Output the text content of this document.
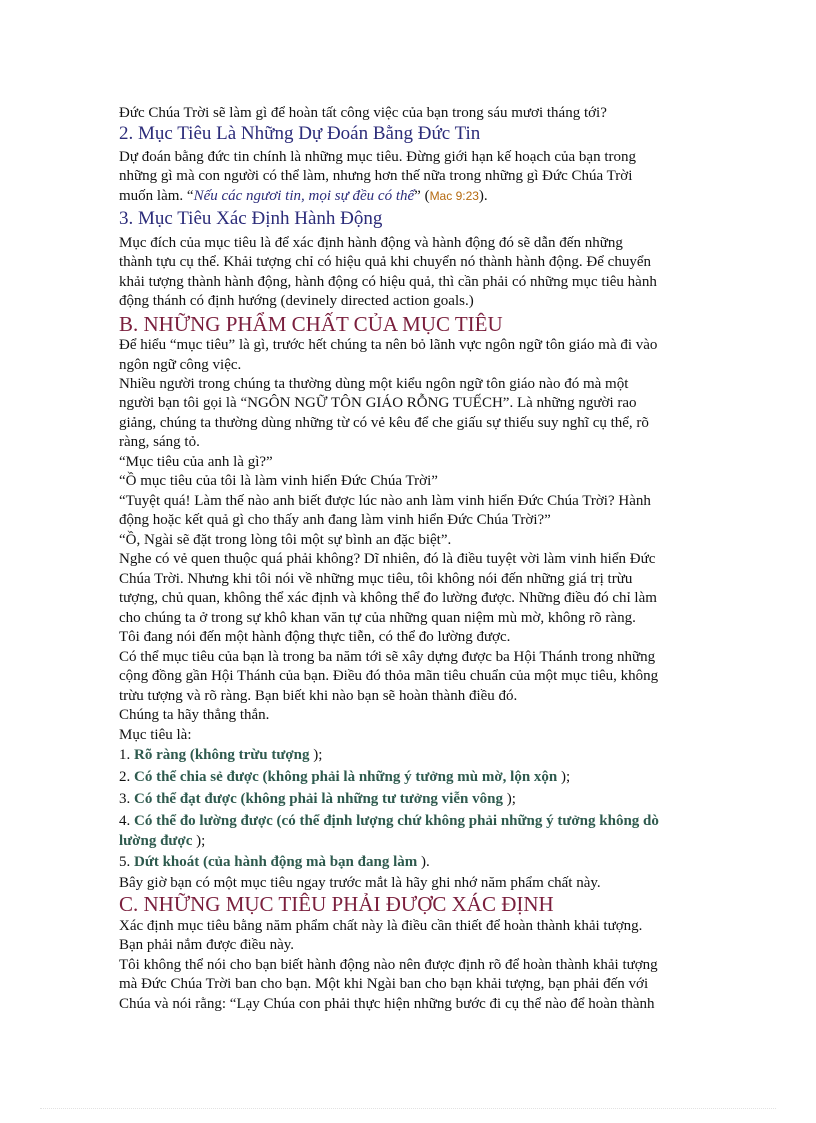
Đức Chúa Trời sẽ làm gì để hoàn tất công việc của bạn trong sáu mươi tháng tới?
2. Mục Tiêu Là Những Dự Đoán Bằng Đức Tin
Dự đoán bằng đức tin chính là những mục tiêu. Đừng giới hạn kế hoạch của bạn trong
những gì mà con người có thể làm, nhưng hơn thế nữa trong những gì Đức Chúa Trời
muốn làm. “Nếu các ngươi tin, mọi sự đều có thể” (Mac 9:23).
3. Mục Tiêu Xác Định Hành Động
Mục đích của mục tiêu là để xác định hành động và hành động đó sẽ dẫn đến những
thành tựu cụ thể. Khải tượng chỉ có hiệu quả khi chuyển nó thành hành động. Để chuyển
khải tượng thành hành động, hành động có hiệu quả, thì cần phải có những mục tiêu hành
động thánh có định hướng (devinely directed action goals.)
B. NHỮNG PHẨM CHẤT CỦA MỤC TIÊU
Để hiểu “mục tiêu” là gì, trước hết chúng ta nên bỏ lãnh vực ngôn ngữ tôn giáo mà đi vào
ngôn ngữ công việc.
Nhiều người trong chúng ta thường dùng một kiểu ngôn ngữ tôn giáo nào đó mà một
người bạn tôi gọi là “NGÔN NGỮ TÔN GIÁO RỖNG TUẾCH”. Là những người rao
giảng, chúng ta thường dùng những từ có vẻ kêu để che giấu sự thiếu suy nghĩ cụ thể, rõ
ràng, sáng tỏ.
“Mục tiêu của anh là gì?”
“Ồ mục tiêu của tôi là làm vinh hiển Đức Chúa Trời”
“Tuyệt quá! Làm thế nào anh biết được lúc nào anh làm vinh hiển Đức Chúa Trời? Hành
động hoặc kết quả gì cho thấy anh đang làm vinh hiển Đức Chúa Trời?”
“Ồ, Ngài sẽ đặt trong lòng tôi một sự bình an đặc biệt”.
Nghe có vẻ quen thuộc quá phải không? Dĩ nhiên, đó là điều tuyệt vời làm vinh hiển Đức
Chúa Trời. Nhưng khi tôi nói về những mục tiêu, tôi không nói đến những giá trị trừu
tượng, chủ quan, không thể xác định và không thể đo lường được. Những điều đó chỉ làm
cho chúng ta ở trong sự khô khan văn tự của những quan niệm mù mờ, không rõ ràng.
Tôi đang nói đến một hành động thực tiễn, có thể đo lường được.
Có thể mục tiêu của bạn là trong ba năm tới sẽ xây dựng được ba Hội Thánh trong những
cộng đồng gần Hội Thánh của bạn. Điều đó thỏa mãn tiêu chuẩn của một mục tiêu, không
trừu tượng và rõ ràng. Bạn biết khi nào bạn sẽ hoàn thành điều đó.
Chúng ta hãy thẳng thắn.
Mục tiêu là:
1. Rõ ràng (không trừu tượng );
2. Có thể chia sẻ được (không phải là những ý tưởng mù mờ, lộn xộn );
3. Có thể đạt được (không phải là những tư tưởng viễn vông );
4. Có thể đo lường được (có thể định lượng chứ không phải những ý tưởng không dò
lường được );
5. Dứt khoát (của hành động mà bạn đang làm ).
Bây giờ bạn có một mục tiêu ngay trước mắt là hãy ghi nhớ năm phẩm chất này.
C. NHỮNG MỤC TIÊU PHẢI ĐƯỢC XÁC ĐỊNH
Xác định mục tiêu bằng năm phẩm chất này là điều cần thiết để hoàn thành khải tượng.
Bạn phải nắm được điều này.
Tôi không thể nói cho bạn biết hành động nào nên được định rõ để hoàn thành khải tượng
mà Đức Chúa Trời ban cho bạn. Một khi Ngài ban cho bạn khải tượng, bạn phải đến với
Chúa và nói rằng: “Lạy Chúa con phải thực hiện những bước đi cụ thể nào để hoàn thành
